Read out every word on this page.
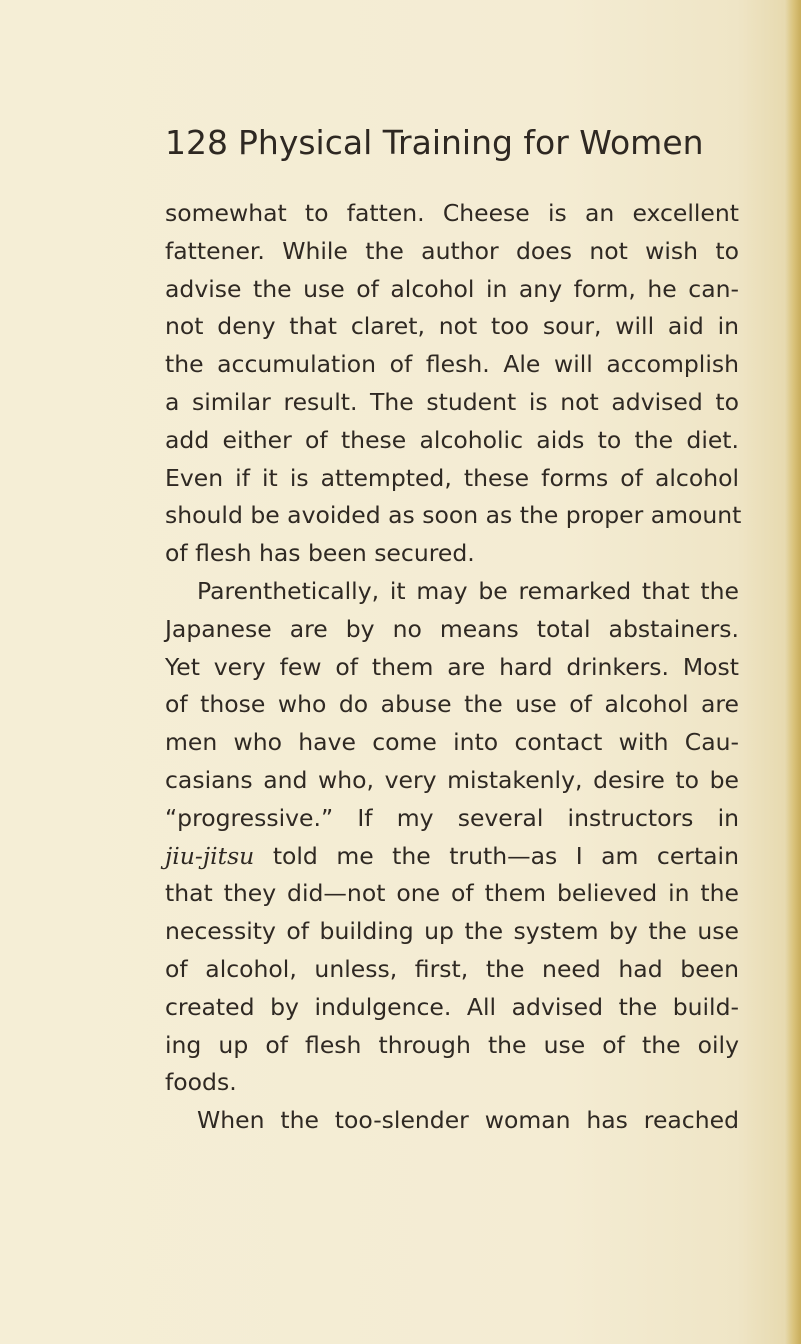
128 Physical Training for Women
somewhat to fatten. Cheese is an excellent
fattener. While the author does not wish to
advise the use of alcohol in any form, he can-
not deny that claret, not too sour, will aid in
the accumulation of flesh. Ale will accomplish
a similar result. The student is not advised to
add either of these alcoholic aids to the diet.
Even if it is attempted, these forms of alcohol
should be avoided as soon as the proper amount
of flesh has been secured.
Parenthetically, it may be remarked that the
Japanese are by no means total abstainers.
Yet very few of them are hard drinkers. Most
of those who do abuse the use of alcohol are
men who have come into contact with Cau-
casians and who, very mistakenly, desire to be
“progressive.” If my several instructors in
jiu-jitsu told me the truth—as I am certain
that they did—not one of them believed in the
necessity of building up the system by the use
of alcohol, unless, first, the need had been
created by indulgence. All advised the build-
ing up of flesh through the use of the oily
foods.
When the too-slender woman has reached
